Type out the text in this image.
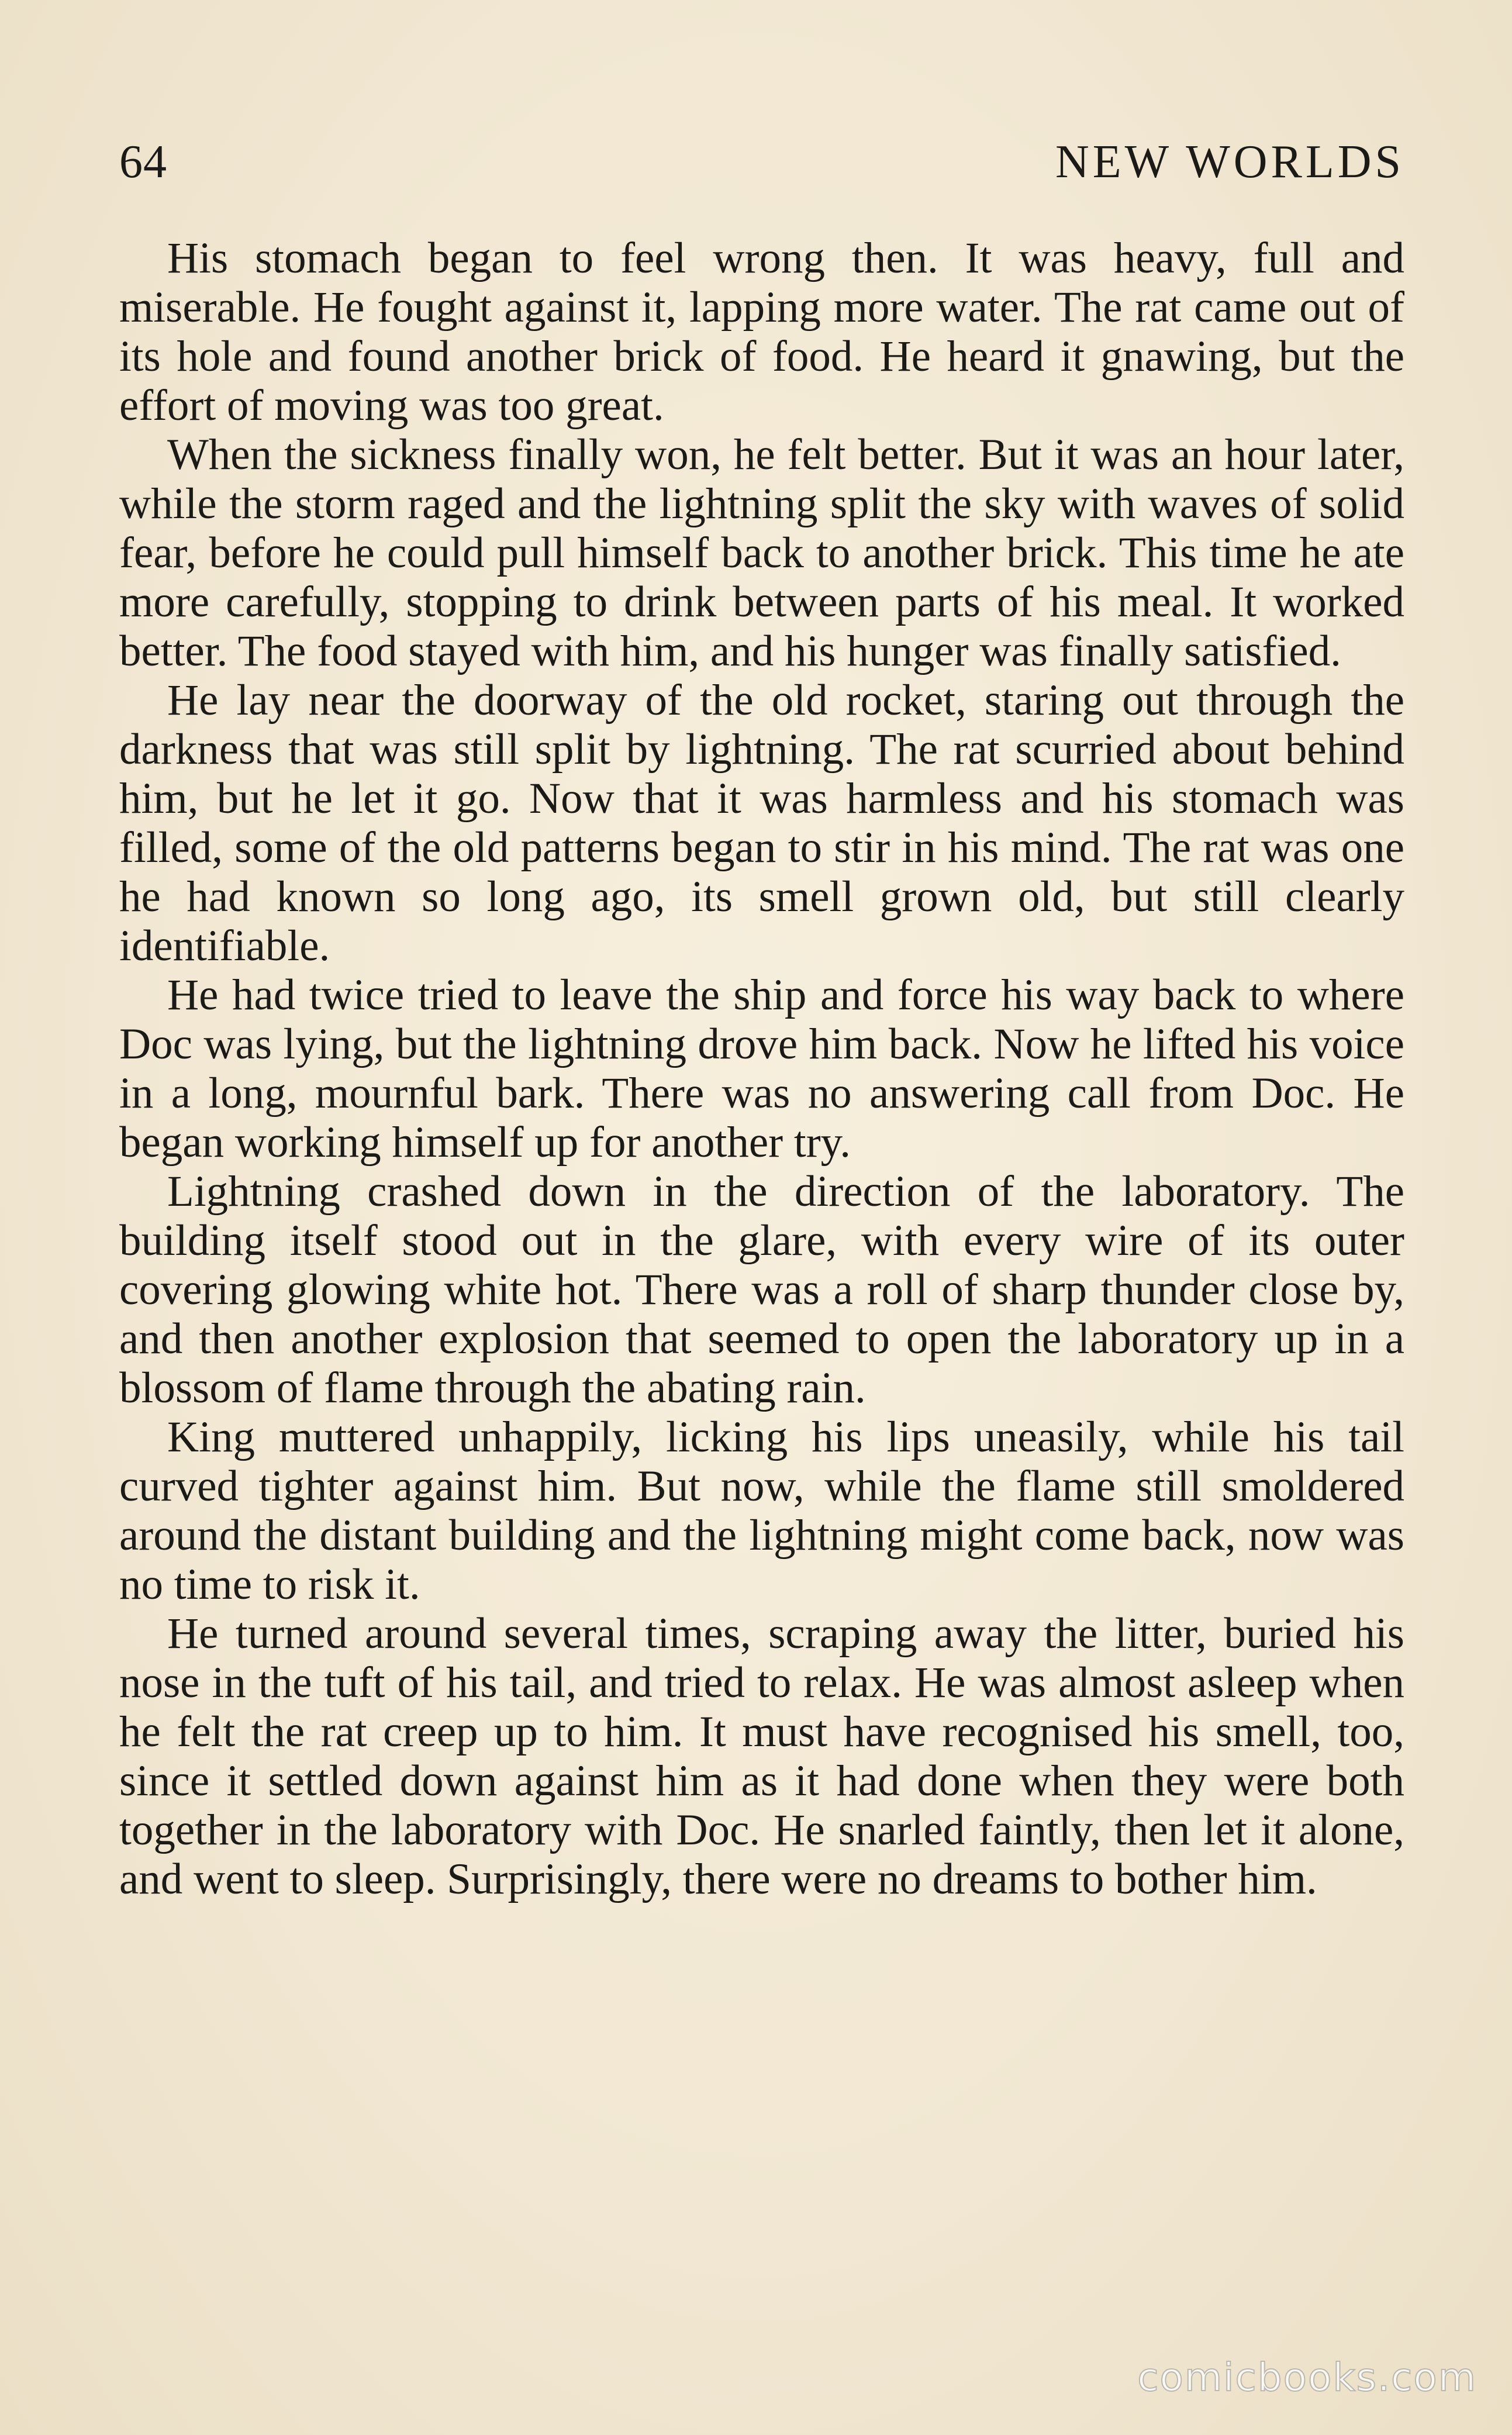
64	NEW WORLDS

His stomach began to feel wrong then. It was heavy, full and miserable. He fought against it, lapping more water. The rat came out of its hole and found another brick of food. He heard it gnawing, but the effort of moving was too great.

When the sickness finally won, he felt better. But it was an hour later, while the storm raged and the lightning split the sky with waves of solid fear, before he could pull himself back to another brick. This time he ate more carefully, stopping to drink between parts of his meal. It worked better. The food stayed with him, and his hunger was finally satisfied.

He lay near the doorway of the old rocket, staring out through the darkness that was still split by lightning. The rat scurried about behind him, but he let it go. Now that it was harmless and his stomach was filled, some of the old patterns began to stir in his mind. The rat was one he had known so long ago, its smell grown old, but still clearly identifiable.

He had twice tried to leave the ship and force his way back to where Doc was lying, but the lightning drove him back. Now he lifted his voice in a long, mournful bark. There was no answering call from Doc. He began working himself up for another try.

Lightning crashed down in the direction of the laboratory. The building itself stood out in the glare, with every wire of its outer covering glowing white hot. There was a roll of sharp thunder close by, and then another explosion that seemed to open the laboratory up in a blossom of flame through the abating rain.

King muttered unhappily, licking his lips uneasily, while his tail curved tighter against him. But now, while the flame still smoldered around the distant building and the lightning might come back, now was no time to risk it.

He turned around several times, scraping away the litter, buried his nose in the tuft of his tail, and tried to relax. He was almost asleep when he felt the rat creep up to him. It must have recognised his smell, too, since it settled down against him as it had done when they were both together in the laboratory with Doc. He snarled faintly, then let it alone, and went to sleep. Surprisingly, there were no dreams to bother him.

comicbooks.com
